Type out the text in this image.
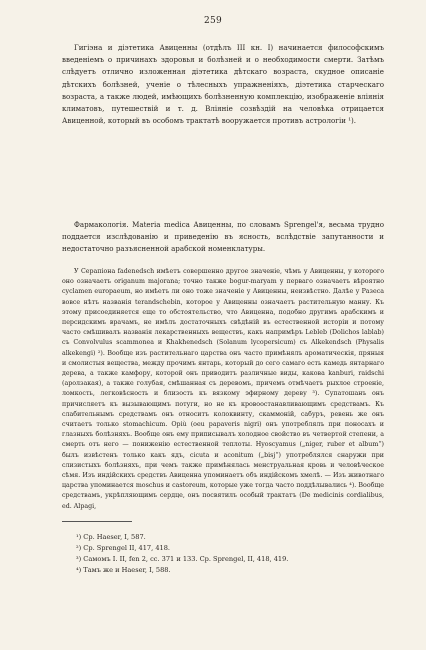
259

Гигіэна и діэтетика Авиценны (отдѣлъ III кн. I) начинается философскимъ введеніемъ о причинахъ здоровья и болѣзней и о необходимости смерти. Затѣмъ слѣдуетъ отлично изложенная діэтетика дѣтскаго возраста, скудное описаніе дѣтскихъ болѣзней, ученіе о тѣлесныхъ упражненіяхъ, діэтетика старческаго возраста, а также людей, имѣющихъ болѣзненную комплекцію, изображеніе вліянія климатовъ, путешествій и т. д. Вліяніе созвѣздій на человѣка отрицается Авиценной, который въ особомъ трактатѣ вооружается противъ астрологіи ¹).

Фармакологія. Materia medica Авиценны, по словамъ Sprengel'я, весьма трудно поддается изслѣдованію и приведенію въ ясность, вслѣдствіе запутанности и недостаточно разъясненной арабской номенклатуры.

У Серапіона fadenedsch имѣетъ совершенно другое значеніе, чѣмъ у Авиценны, у которого оно означаетъ origanum majorana; точно также bogur-maryam у перваго означаетъ вѣроятно cyclamen europaeum, но имѣетъ ли оно тоже значеніе у Авиценны, неизвѣстно. Далѣе у Разеса вовсе нѣтъ названія terandschebin, которое у Авиценны означаетъ растительную манну. Къ этому присоединяется еще то обстоятельство, что Авиценна, подобно другимъ арабскимъ и персидскимъ врачамъ, не имѣлъ достаточныхъ свѣдѣній въ естественной исторіи и потому часто смѣшивалъ названія лекарственныхъ веществъ, какъ напримѣръ Lebleb (Dolichos lablab) съ Convolvulus scammonea и Khakhenedsch (Solanum lycopersicum) съ Alkekendsch (Physalis alkekengi) ²). Вообще изъ растительнаго царства онъ часто примѣнялъ ароматическія, пряныя и смолистыя вещества, между прочимъ янтарь, который до сего самаго есть камедь янтарнаго дерева, а также камфору, которой онъ приводитъ различные виды, какова kanburi, raidschi (аролзакая), а также голубая, смѣшанная съ деревомъ, причемъ отмѣчаетъ рыхлое строеніе, ломкость, легковѣсность и близость къ вязкому эфирному дереву ³). Супатошанъ онъ причисляетъ къ вызывающимъ потуги, но не къ кровоостанавливающимъ средствамъ. Къ слабительнымъ средствамъ онъ относитъ колоквинту, скаммоній, сабуръ, ревень же онъ считаетъ только stomachicum. Opiù (oeu papaveris nigri) онъ употреблялъ при поносахъ и глазныхъ болѣзняхъ. Вообще онъ ему приписывалъ холодное свойство въ четвертой степени, а смерть отъ него — пониженію естественной теплоты. Hyoscyamus („niger, ruber et album“) былъ извѣстенъ только какъ ядъ, cicuta и aconitum („bisj“) употреблялся снаружи при слизистыхъ болѣзняхъ, при чемъ также примѣнялась менструальная кровь и человѣческое сѣмя. Изъ индійскихъ средствъ Авиценна упоминаетъ объ индійскомъ хмелѣ. — Изъ животнаго царства упоминается moschus и castoreum, которые уже тогда часто поддѣлывались ⁴). Вообще средствамъ, укрѣпляющимъ сердце, онъ посвятилъ особый трактатъ (De medicinis cordialibus, ed. Alpagi,

¹) Cp. Haeser, I, 587.

²) Cp. Sprengel II, 417, 418.

³) Самомъ I. II, fen 2, cc. 371 и 133. Cp. Sprengel, II, 418, 419.

⁴) Тамъ же и Haeser, I, 588.
